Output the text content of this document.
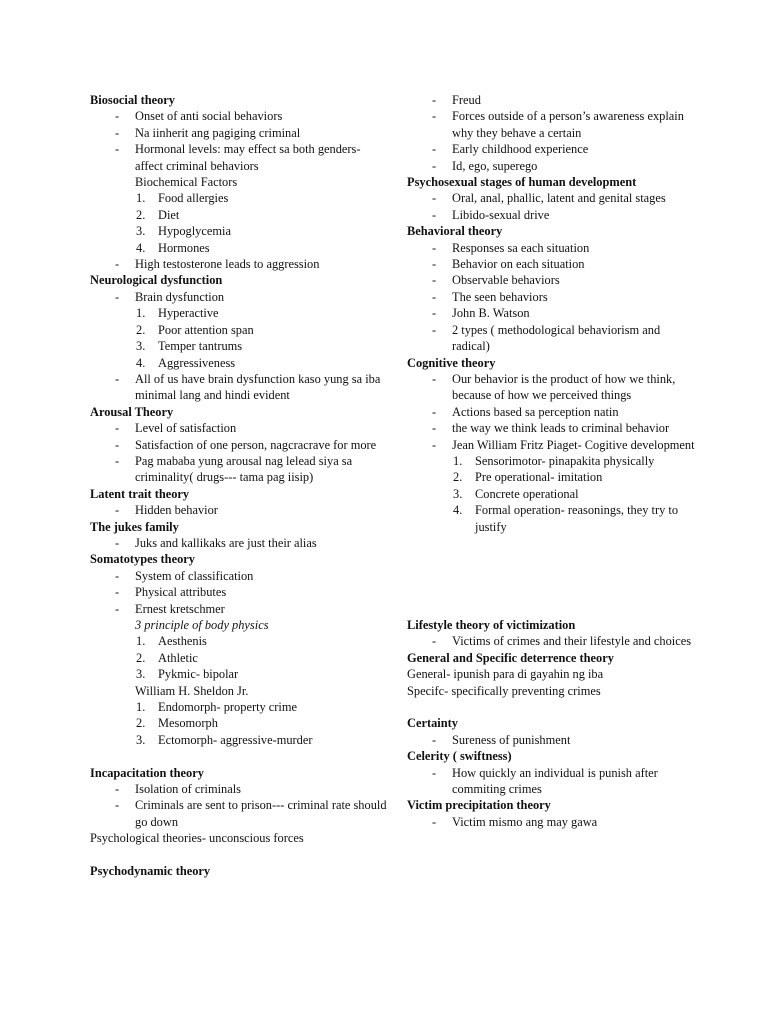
Biosocial theory
- Onset of anti social behaviors
- Na iinherit ang pagiging criminal
- Hormonal levels: may effect sa both genders- affect criminal behaviors
Biochemical Factors
1. Food allergies
2. Diet
3. Hypoglycemia
4. Hormones
- High testosterone leads to aggression
Neurological dysfunction
- Brain dysfunction
1. Hyperactive
2. Poor attention span
3. Temper tantrums
4. Aggressiveness
- All of us have brain dysfunction kaso yung sa iba minimal lang and hindi evident
Arousal Theory
- Level of satisfaction
- Satisfaction of one person, nagcracrave for more
- Pag mababa yung arousal nag lelead siya sa criminality( drugs--- tama pag iisip)
Latent trait theory
- Hidden behavior
The jukes family
- Juks and kallikaks are just their alias
Somatotypes theory
- System of classification
- Physical attributes
- Ernest kretschmer
3 principle of body physics
1. Aesthenis
2. Athletic
3. Pykmic- bipolar
William H. Sheldon Jr.
1. Endomorph- property crime
2. Mesomorph
3. Ectomorph- aggressive-murder
Incapacitation theory
- Isolation of criminals
- Criminals are sent to prison--- criminal rate should go down
Psychological theories- unconscious forces
Psychodynamic theory
- Freud
- Forces outside of a person’s awareness explain why they behave a certain
- Early childhood experience
- Id, ego, superego
Psychosexual stages of human development
- Oral, anal, phallic, latent and genital stages
- Libido-sexual drive
Behavioral theory
- Responses sa each situation
- Behavior on each situation
- Observable behaviors
- The seen behaviors
- John B. Watson
- 2 types ( methodological behaviorism and radical)
Cognitive theory
- Our behavior is the product of how we think, because of how we perceived things
- Actions based sa perception natin
- the way we think leads to criminal behavior
- Jean William Fritz Piaget- Cogitive development
1. Sensorimotor- pinapakita physically
2. Pre operational- imitation
3. Concrete operational
4. Formal operation- reasonings, they try to justify
Lifestyle theory of victimization
- Victims of crimes and their lifestyle and choices
General and Specific deterrence theory
General- ipunish para di gayahin ng iba
Specifc- specifically preventing crimes
Certainty
- Sureness of punishment
Celerity ( swiftness)
- How quickly an individual is punish after commiting crimes
Victim precipitation theory
- Victim mismo ang may gawa
